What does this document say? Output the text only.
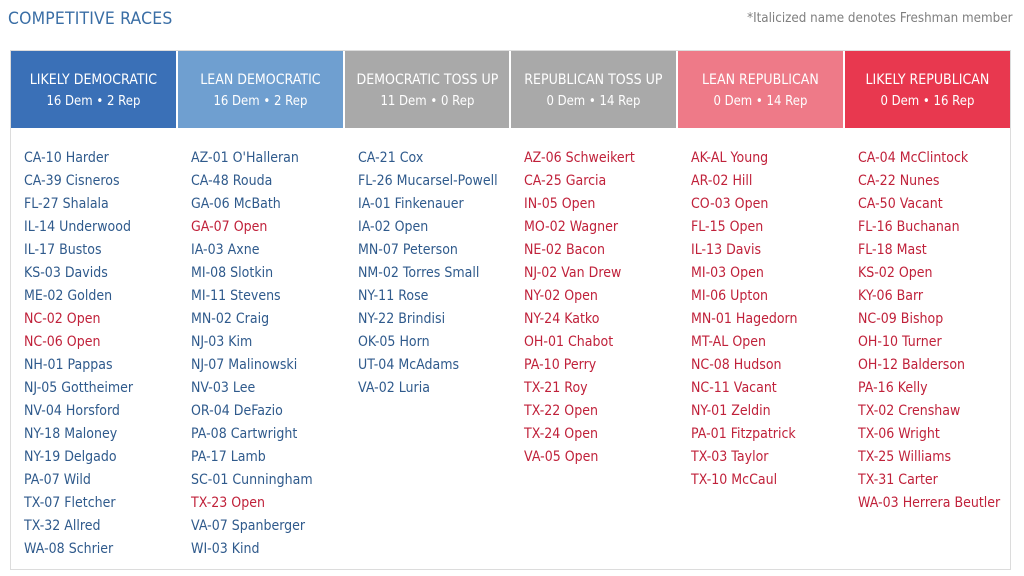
COMPETITIVE RACES	*Italicized name denotes Freshman member
LIKELY DEMOCRATIC
16 Dem • 2 Rep
CA-10 Harder
CA-39 Cisneros
FL-27 Shalala
IL-14 Underwood
IL-17 Bustos
KS-03 Davids
ME-02 Golden
NC-02 Open
NC-06 Open
NH-01 Pappas
NJ-05 Gottheimer
NV-04 Horsford
NY-18 Maloney
NY-19 Delgado
PA-07 Wild
TX-07 Fletcher
TX-32 Allred
WA-08 Schrier
LEAN DEMOCRATIC
16 Dem • 2 Rep
AZ-01 O'Halleran
CA-48 Rouda
GA-06 McBath
GA-07 Open
IA-03 Axne
MI-08 Slotkin
MI-11 Stevens
MN-02 Craig
NJ-03 Kim
NJ-07 Malinowski
NV-03 Lee
OR-04 DeFazio
PA-08 Cartwright
PA-17 Lamb
SC-01 Cunningham
TX-23 Open
VA-07 Spanberger
WI-03 Kind
DEMOCRATIC TOSS UP
11 Dem • 0 Rep
CA-21 Cox
FL-26 Mucarsel-Powell
IA-01 Finkenauer
IA-02 Open
MN-07 Peterson
NM-02 Torres Small
NY-11 Rose
NY-22 Brindisi
OK-05 Horn
UT-04 McAdams
VA-02 Luria
REPUBLICAN TOSS UP
0 Dem • 14 Rep
AZ-06 Schweikert
CA-25 Garcia
IN-05 Open
MO-02 Wagner
NE-02 Bacon
NJ-02 Van Drew
NY-02 Open
NY-24 Katko
OH-01 Chabot
PA-10 Perry
TX-21 Roy
TX-22 Open
TX-24 Open
VA-05 Open
LEAN REPUBLICAN
0 Dem • 14 Rep
AK-AL Young
AR-02 Hill
CO-03 Open
FL-15 Open
IL-13 Davis
MI-03 Open
MI-06 Upton
MN-01 Hagedorn
MT-AL Open
NC-08 Hudson
NC-11 Vacant
NY-01 Zeldin
PA-01 Fitzpatrick
TX-03 Taylor
TX-10 McCaul
LIKELY REPUBLICAN
0 Dem • 16 Rep
CA-04 McClintock
CA-22 Nunes
CA-50 Vacant
FL-16 Buchanan
FL-18 Mast
KS-02 Open
KY-06 Barr
NC-09 Bishop
OH-10 Turner
OH-12 Balderson
PA-16 Kelly
TX-02 Crenshaw
TX-06 Wright
TX-25 Williams
TX-31 Carter
WA-03 Herrera Beutler
